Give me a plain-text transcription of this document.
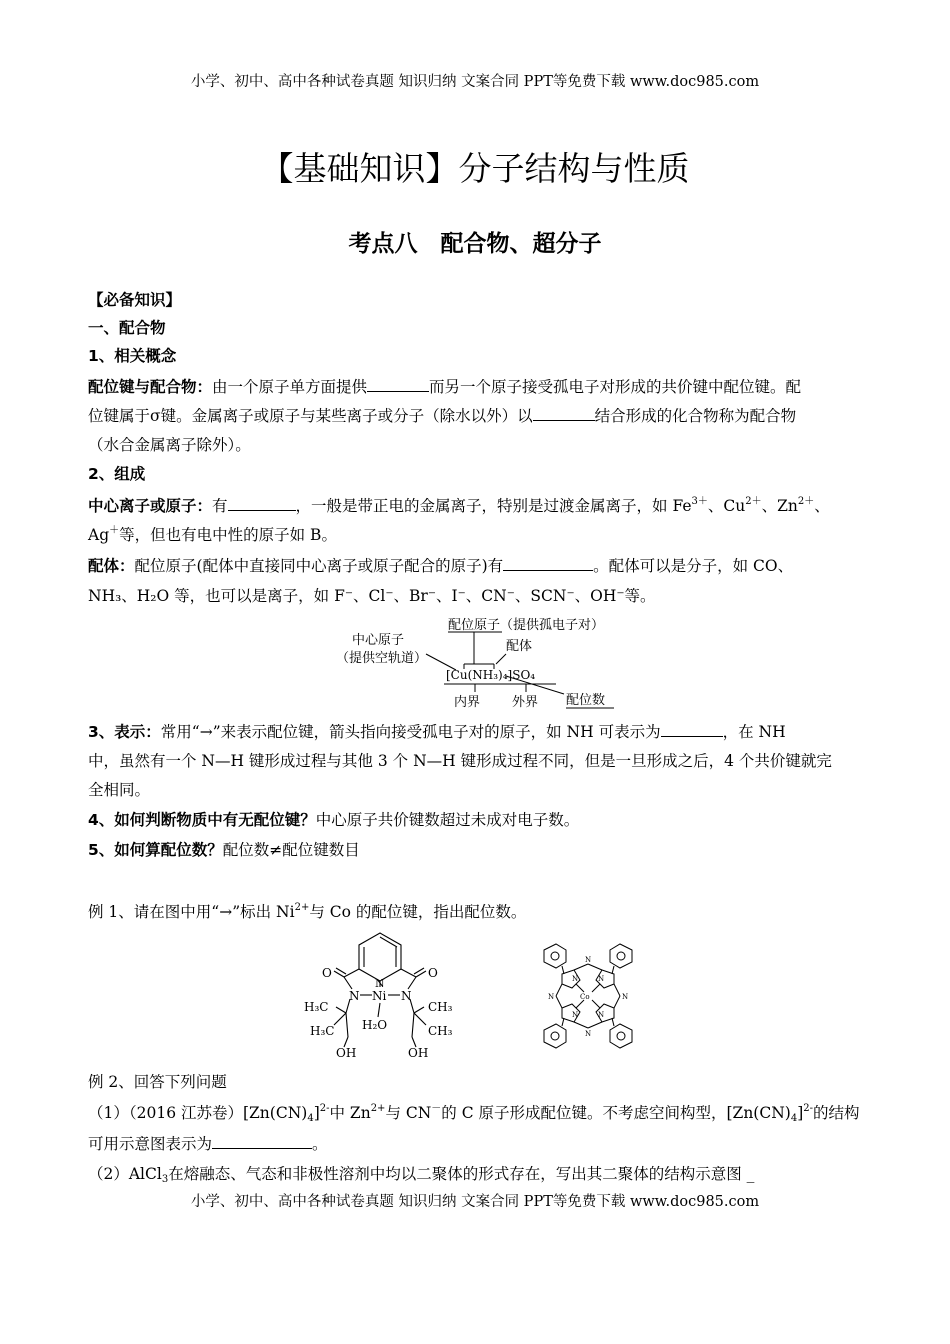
小学、初中、高中各种试卷真题 知识归纳 文案合同 PPT等免费下载 www.doc985.com
【基础知识】分子结构与性质
考点八　配合物、超分子
【必备知识】
一、配合物
1、相关概念
配位键与配合物：由一个原子单方面提供	而另一个原子接受孤电子对形成的共价键中配位键。配
位键属于σ键。金属离子或原子与某些离子或分子（除水以外）以	结合形成的化合物称为配合物
（水合金属离子除外）。
2、组成
中心离子或原子：有	，一般是带正电的金属离子，特别是过渡金属离子，如 $Fe^{3+}$、$Cu^{2+}$、$Zn^{2+}$、
Ag＋等，但也有电中性的原子如 B。
配体：配位原子(配体中直接同中心离子或原子配合的原子)有	。配体可以是分子，如 CO、
NH₃、H₂O 等，也可以是离子，如 F⁻、Cl⁻、Br⁻、I⁻、CN⁻、SCN⁻、OH⁻等。
中心原子
（提供空轨道）
配位原子（提供孤电子对）
配体
[Cu(NH₃)₄]SO₄
内界 外界 配位数
3、表示：常用“→”来表示配位键，箭头指向接受孤电子对的原子，如 NH 可表示为	，在 NH
中，虽然有一个 N—H 键形成过程与其他 3 个 N—H 键形成过程不同，但是一旦形成之后，4 个共价键就完
全相同。
4、如何判断物质中有无配位键？中心原子共价键数超过未成对电子数。
5、如何算配位数？配位数≠配位键数目
例 1、请在图中用“→”标出 $Ni^{2+}$与 Co 的配位键，指出配位数。
O	O
N
N	N
Ni
H₃C	CH₃
H₃C	CH₃
H₂O
OH	OH
Co
N
N
N	N
N	N
N	N
例 2、回答下列问题
（1）（2016 江苏卷）$[Zn(CN)_4]^{2-}$中 $Zn^{2+}$与 CN－的 C 原子形成配位键。不考虑空间构型，$[Zn(CN)_4]^{2-}$的结构
可用示意图表示为	。
（2）AlCl$_3$在熔融态、气态和非极性溶剂中均以二聚体的形式存在，写出其二聚体的结构示意图 _
小学、初中、高中各种试卷真题 知识归纳 文案合同 PPT等免费下载 www.doc985.com
